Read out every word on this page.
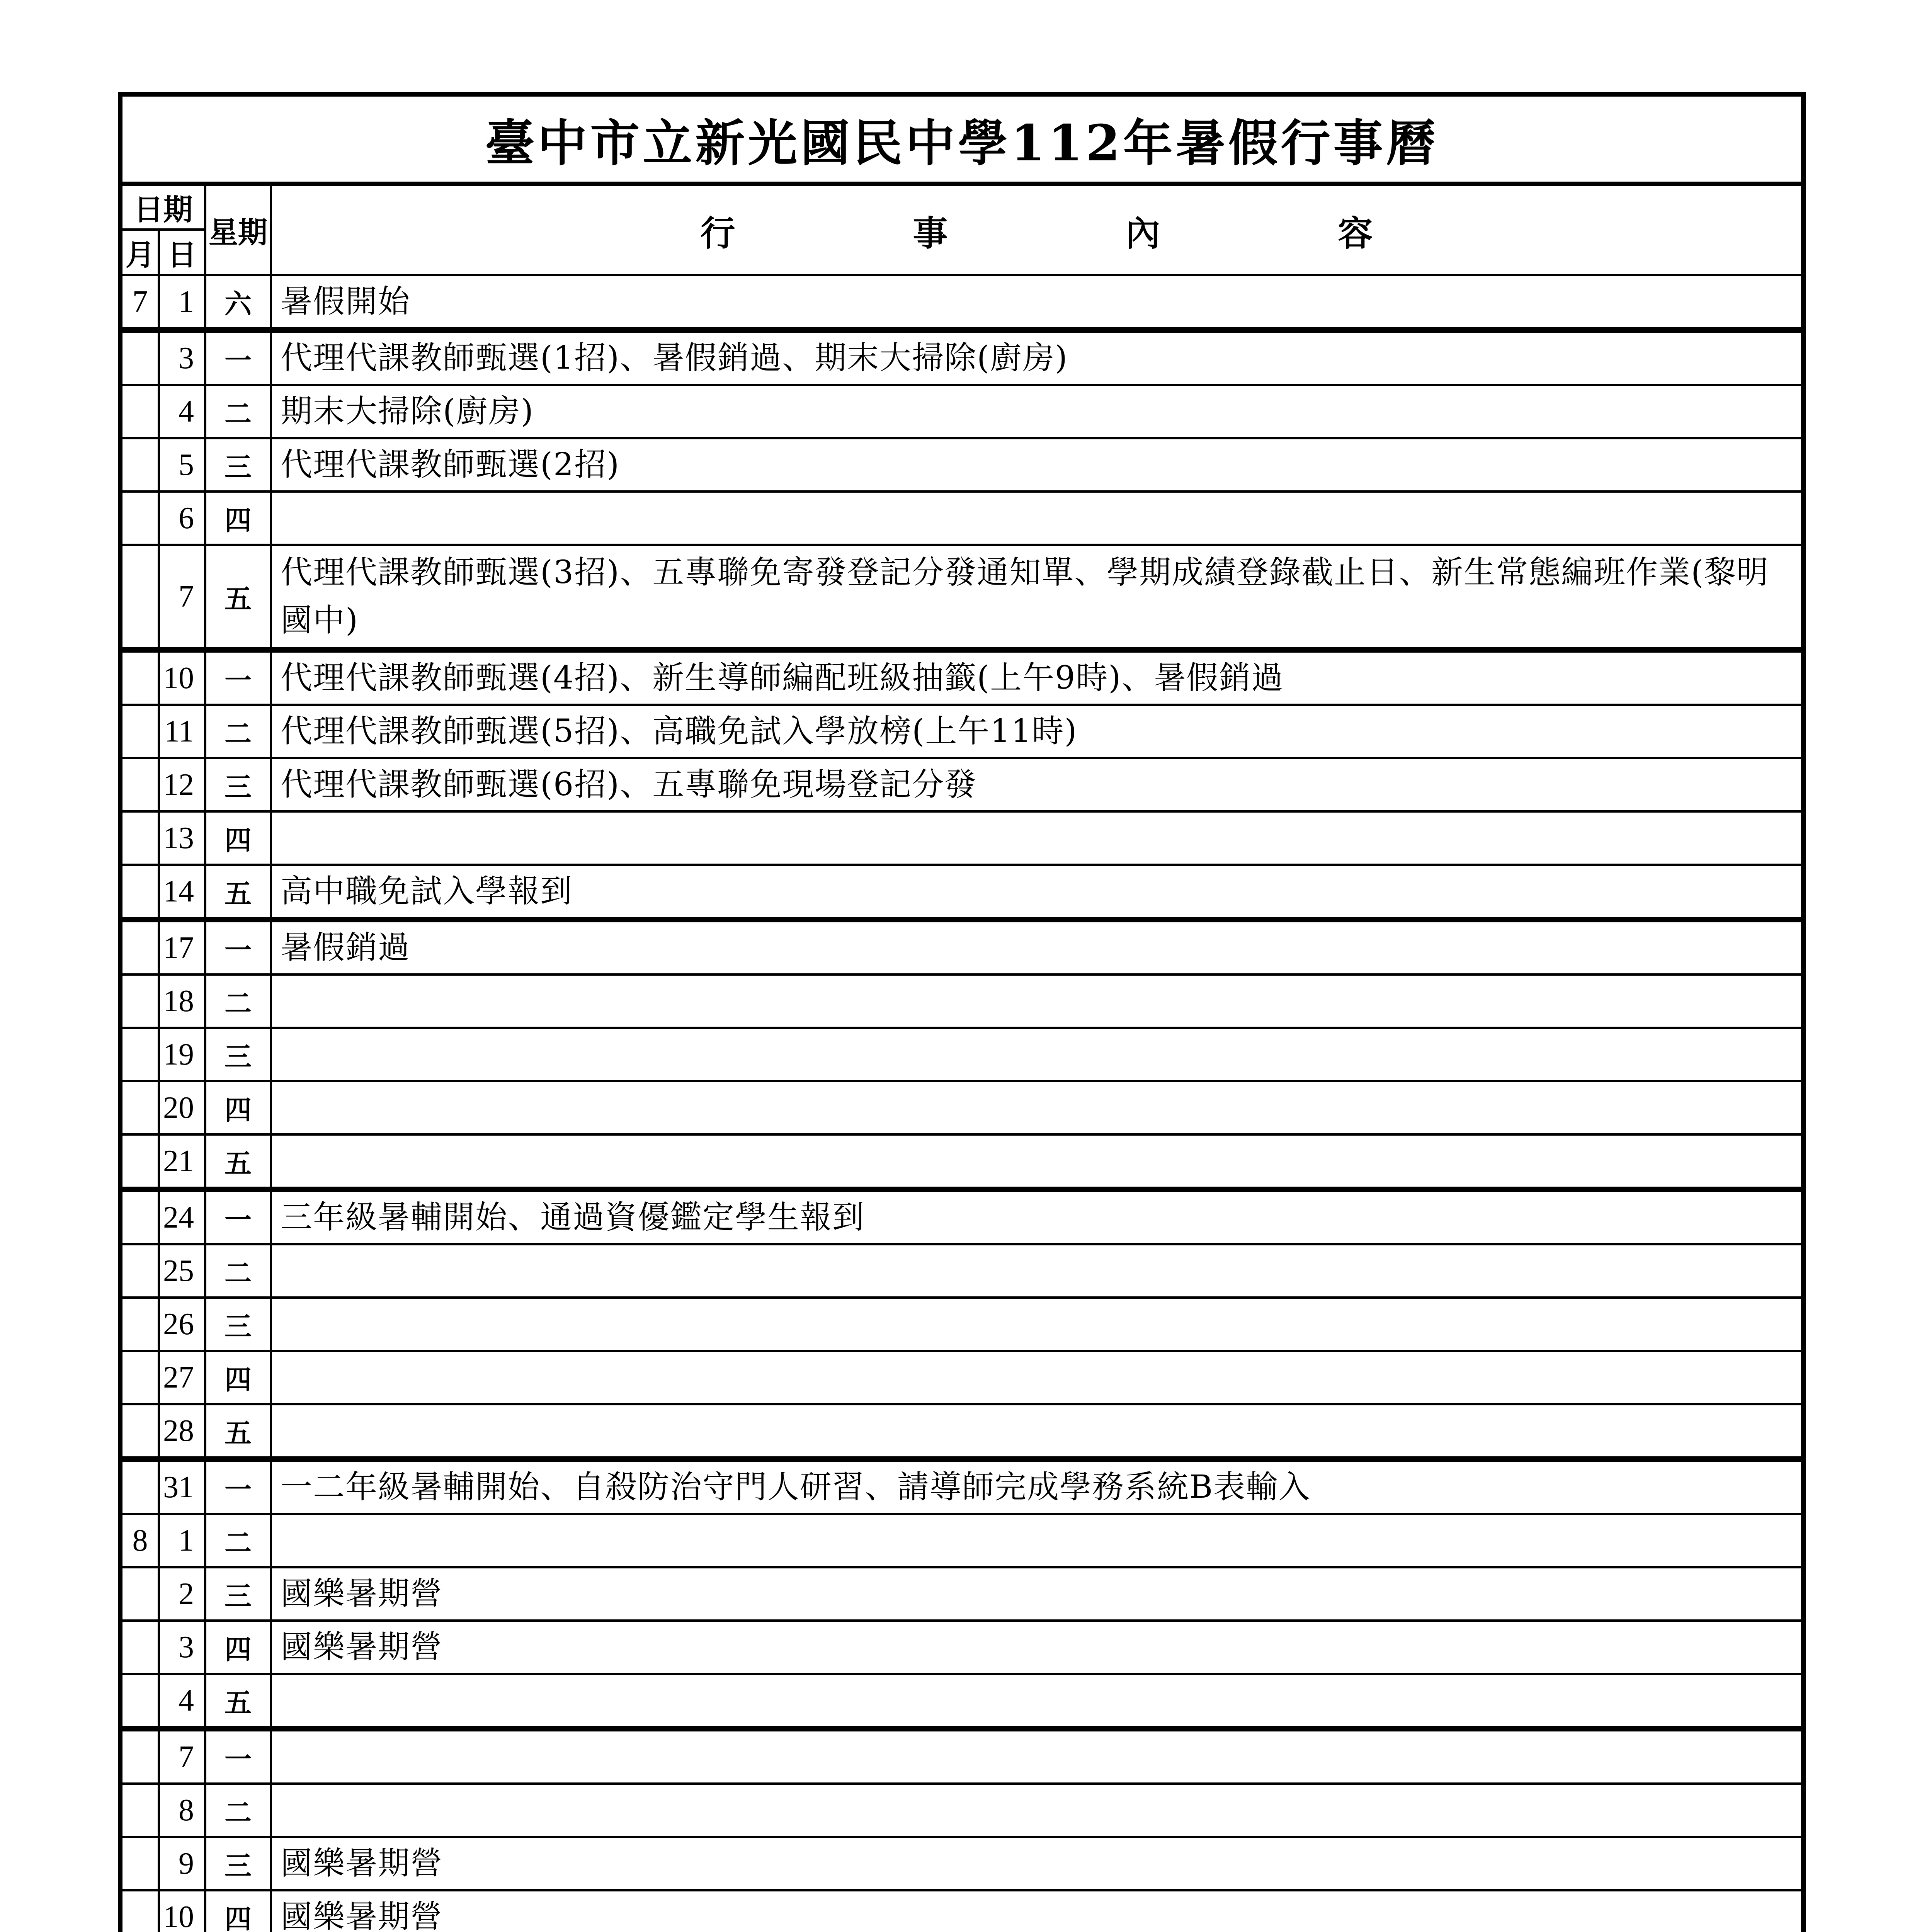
臺中市立新光國民中學112年暑假行事曆			
日期		星期	行 事 內 容
月	日		
7	1	六	暑假開始
	3	一	代理代課教師甄選(1招)、暑假銷過、期末大掃除(廚房)
	4	二	期末大掃除(廚房)
	5	三	代理代課教師甄選(2招)
	6	四	
	7	五	代理代課教師甄選(3招)、五專聯免寄發登記分發通知單、學期成績登錄截止日、新生常態編班作業(黎明國中)
	10	一	代理代課教師甄選(4招)、新生導師編配班級抽籤(上午9時)、暑假銷過
	11	二	代理代課教師甄選(5招)、高職免試入學放榜(上午11時)
	12	三	代理代課教師甄選(6招)、五專聯免現場登記分發
	13	四	
	14	五	高中職免試入學報到
	17	一	暑假銷過
	18	二	
	19	三	
	20	四	
	21	五	
	24	一	三年級暑輔開始、通過資優鑑定學生報到
	25	二	
	26	三	
	27	四	
	28	五	
	31	一	一二年級暑輔開始、自殺防治守門人研習、請導師完成學務系統B表輸入
8	1	二	
	2	三	國樂暑期營
	3	四	國樂暑期營
	4	五	
	7	一	
	8	二	
	9	三	國樂暑期營
	10	四	國樂暑期營
